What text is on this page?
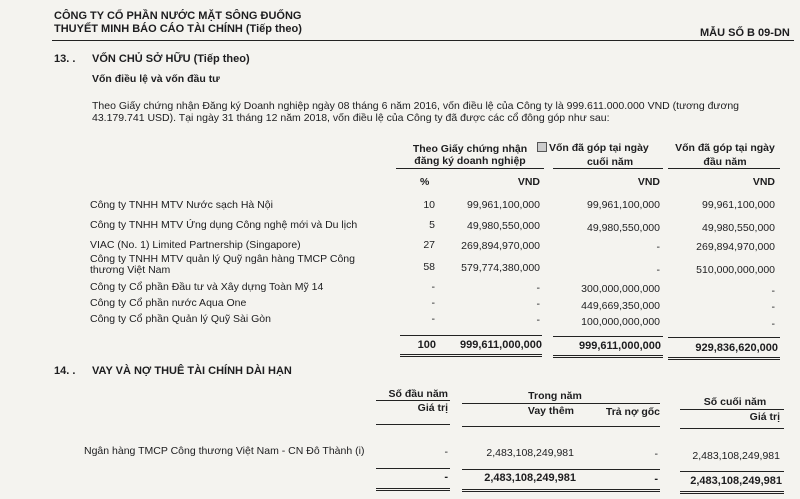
CÔNG TY CỔ PHẦN NƯỚC MẶT SÔNG ĐUỐNG
THUYẾT MINH BÁO CÁO TÀI CHÍNH (Tiếp theo)	MẪU SỐ B 09-DN
13. . VỐN CHỦ SỞ HỮU (Tiếp theo)
Vốn điều lệ và vốn đầu tư
Theo Giấy chứng nhận Đăng ký Doanh nghiệp ngày 08 tháng 6 năm 2016, vốn điều lệ của Công ty là 999.611.000.000 VND (tương đương
43.179.741 USD). Tại ngày 31 tháng 12 năm 2018, vốn điều lệ của Công ty đã được các cổ đông góp như sau:
Theo Giấy chứng nhận
đăng ký doanh nghiệp
Vốn đã góp tại ngày
cuối năm
Vốn đã góp tại ngày
đầu năm
%	VND	VND	VND
Công ty TNHH MTV Nước sạch Hà Nội	10	99,961,100,000	99,961,100,000	99,961,100,000
Công ty TNHH MTV Ứng dụng Công nghệ mới và Du lịch	5	49,980,550,000	49,980,550,000	49,980,550,000
VIAC (No. 1) Limited Partnership (Singapore)	27	269,894,970,000	-	269,894,970,000
Công ty TNHH MTV quản lý Quỹ ngân hàng TMCP Công
thương Việt Nam	58	579,774,380,000	-	510,000,000,000
Công ty Cổ phần Đầu tư và Xây dựng Toàn Mỹ 14	-	-	300,000,000,000	-
Công ty Cổ phần nước Aqua One	-	-	449,669,350,000	-
Công ty Cổ phần Quản lý Quỹ Sài Gòn	-	-	100,000,000,000	-
100	999,611,000,000	999,611,000,000	929,836,620,000
14. . VAY VÀ NỢ THUÊ TÀI CHÍNH DÀI HẠN
Số đầu năm
Giá trị
Trong năm
Vay thêm	Trả nợ gốc
Số cuối năm
Giá trị
Ngân hàng TMCP Công thương Việt Nam - CN Đô Thành (i)	-	2,483,108,249,981	-	2,483,108,249,981
-	2,483,108,249,981	-	2,483,108,249,981
